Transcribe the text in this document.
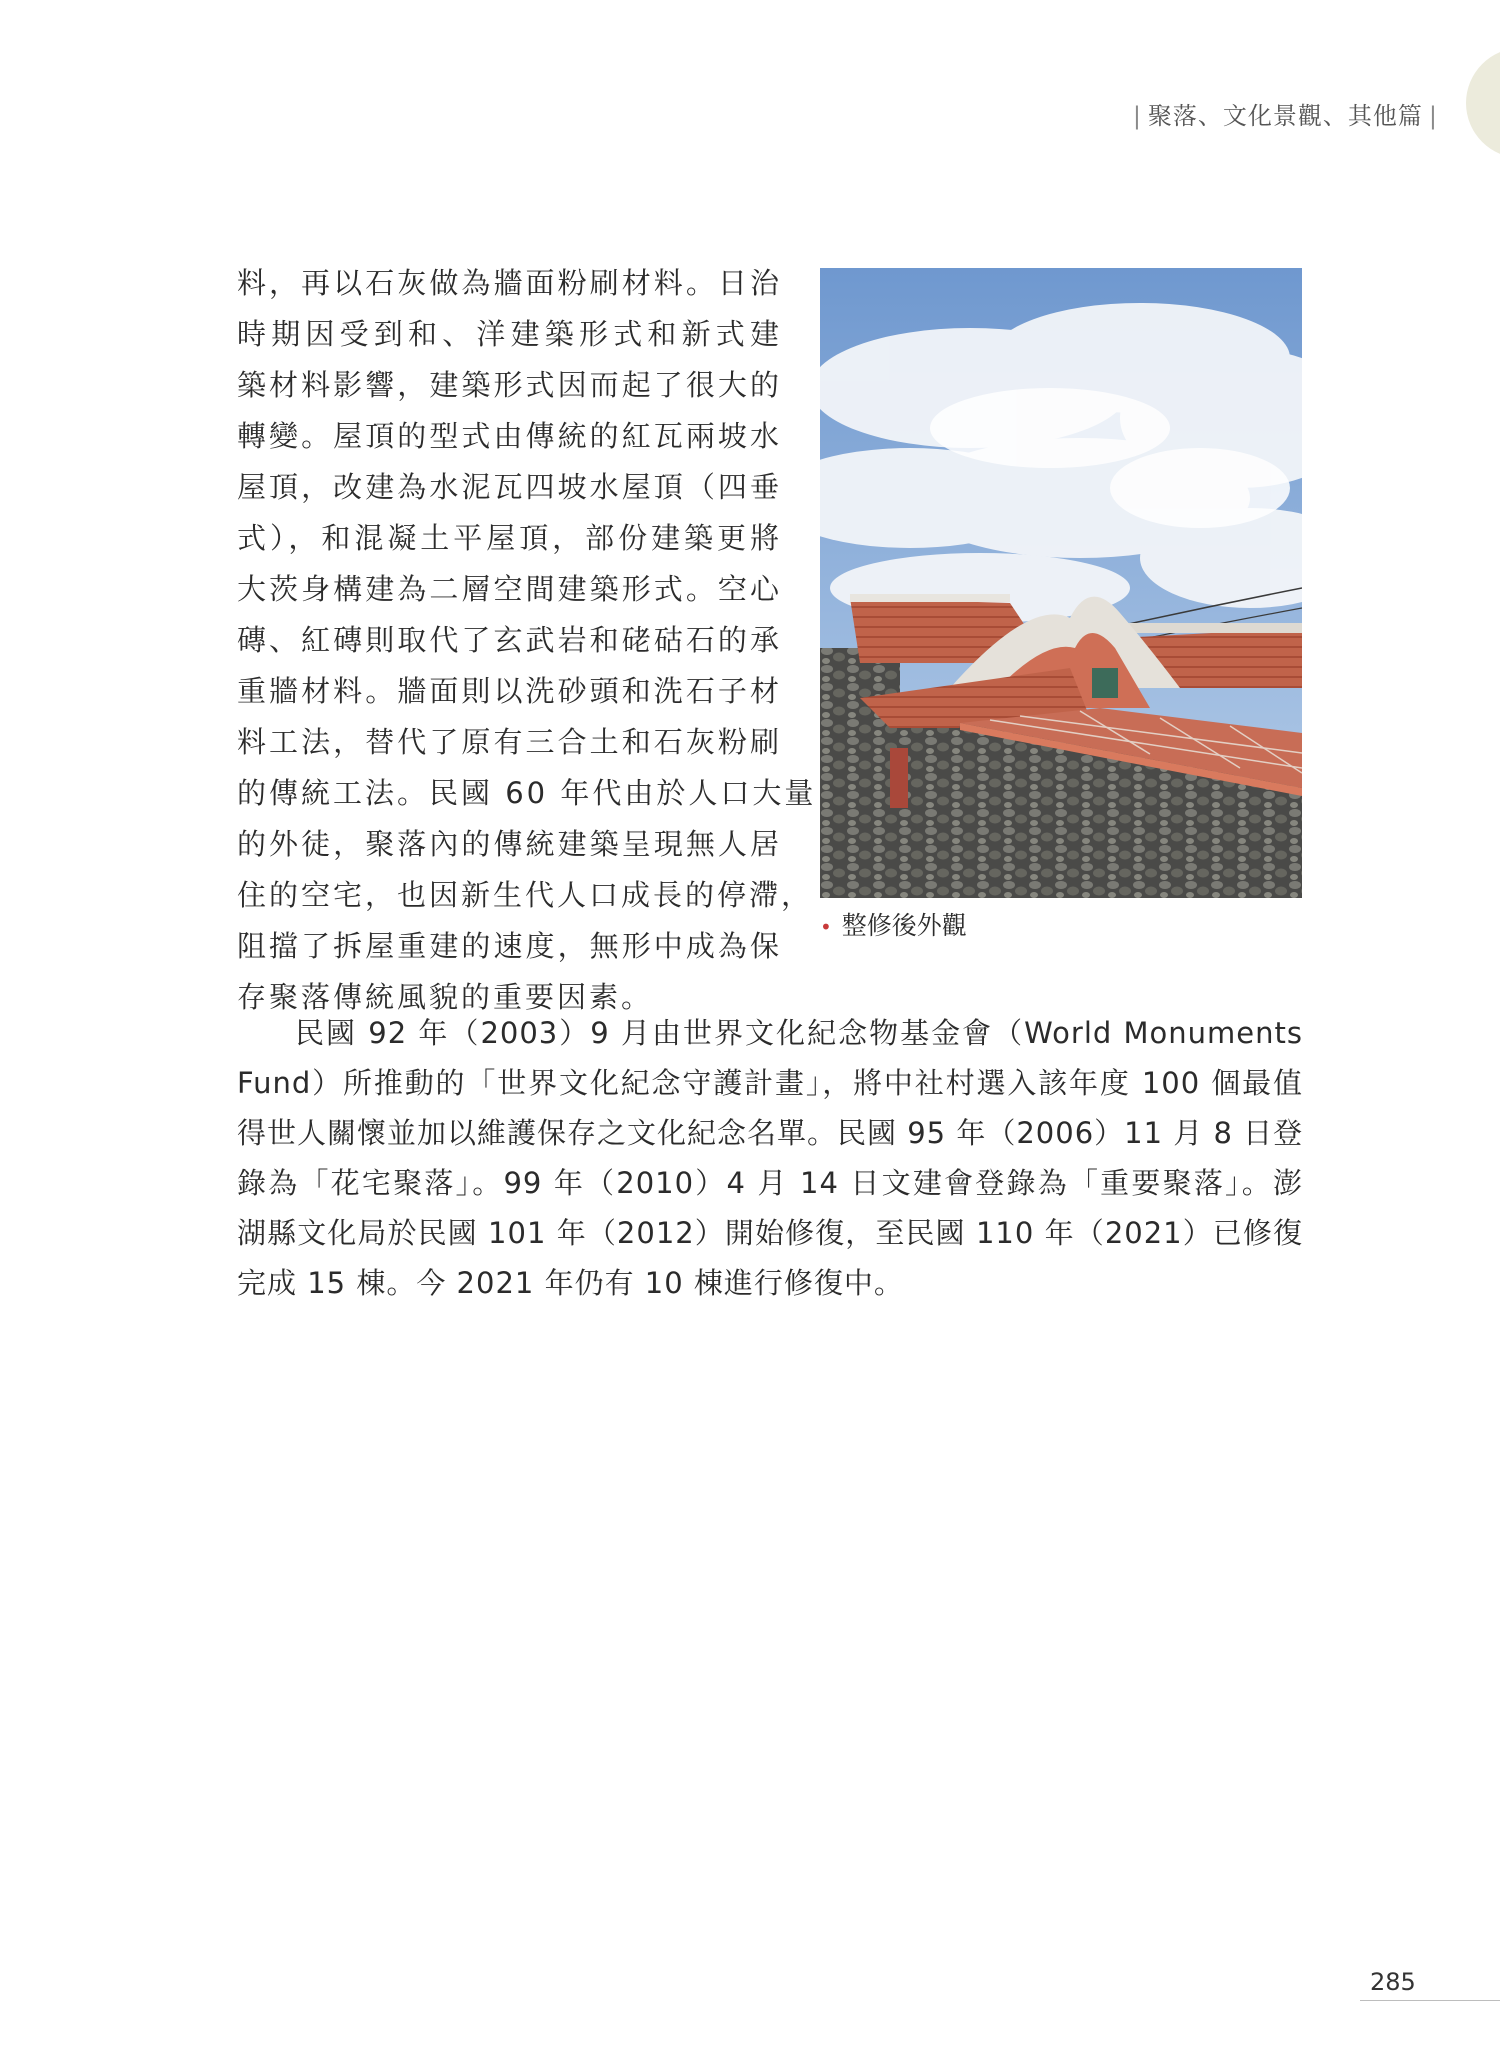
| 聚落、文化景觀、其他篇 |
料，再以石灰做為牆面粉刷材料。日治
時期因受到和、洋建築形式和新式建
築材料影響，建築形式因而起了很大的
轉變。屋頂的型式由傳統的紅瓦兩坡水
屋頂，改建為水泥瓦四坡水屋頂（四垂
式），和混凝土平屋頂，部份建築更將
大茨身構建為二層空間建築形式。空心
磚、紅磚則取代了玄武岩和硓𥑮石的承
重牆材料。牆面則以洗砂頭和洗石子材
料工法，替代了原有三合土和石灰粉刷
的傳統工法。民國 60 年代由於人口大量
的外徒，聚落內的傳統建築呈現無人居
住的空宅，也因新生代人口成長的停滯，
阻擋了拆屋重建的速度，無形中成為保
存聚落傳統風貌的重要因素。
• 整修後外觀
民國 92 年（2003）9 月由世界文化紀念物基金會（World Monuments
Fund）所推動的「世界文化紀念守護計畫」，將中社村選入該年度 100 個最值
得世人關懷並加以維護保存之文化紀念名單。民國 95 年（2006）11 月 8 日登
錄為「花宅聚落」。99 年（2010）4 月 14 日文建會登錄為「重要聚落」。澎
湖縣文化局於民國 101 年（2012）開始修復，至民國 110 年（2021）已修復
完成 15 棟。今 2021 年仍有 10 棟進行修復中。
285
